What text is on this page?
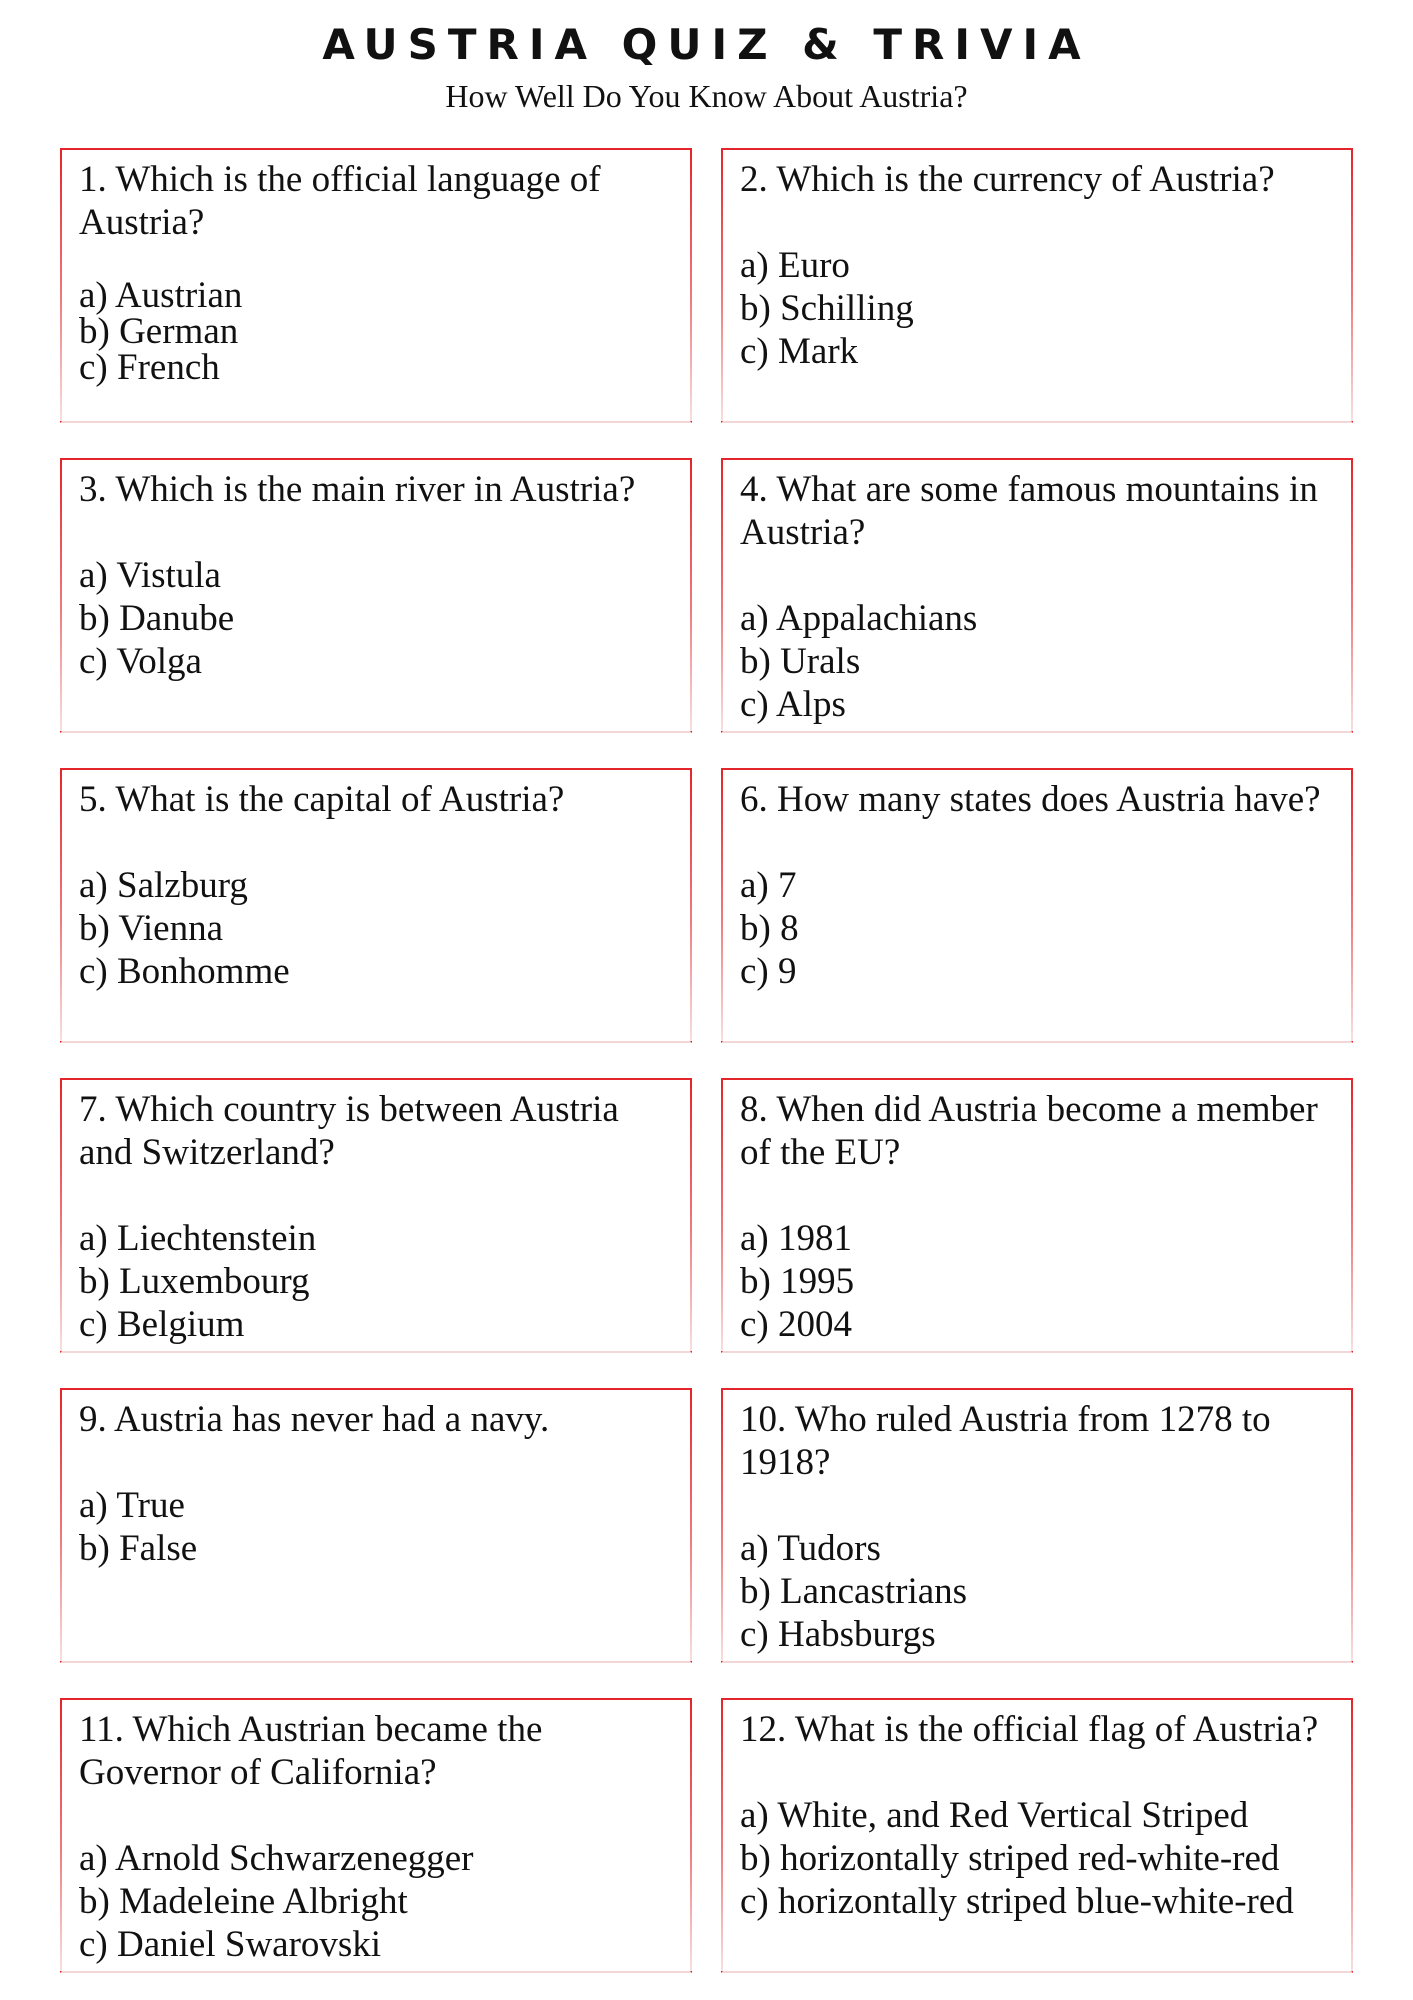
AUSTRIA QUIZ & TRIVIA

How Well Do You Know About Austria?

1. Which is the official language of Austria?

a) Austrian
b) German
c) French

2. Which is the currency of Austria?

a) Euro
b) Schilling
c) Mark

3. Which is the main river in Austria?

a) Vistula
b) Danube
c) Volga

4. What are some famous mountains in Austria?

a) Appalachians
b) Urals
c) Alps

5. What is the capital of Austria?

a) Salzburg
b) Vienna
c) Bonhomme

6. How many states does Austria have?

a) 7
b) 8
c) 9

7. Which country is between Austria and Switzerland?

a) Liechtenstein
b) Luxembourg
c) Belgium

8. When did Austria become a member of the EU?

a) 1981
b) 1995
c) 2004

9. Austria has never had a navy.

a) True
b) False

10. Who ruled Austria from 1278 to 1918?

a) Tudors
b) Lancastrians
c) Habsburgs

11. Which Austrian became the Governor of California?

a) Arnold Schwarzenegger
b) Madeleine Albright
c) Daniel Swarovski

12. What is the official flag of Austria?

a) White, and Red Vertical Striped
b) horizontally striped red-white-red
c) horizontally striped blue-white-red
